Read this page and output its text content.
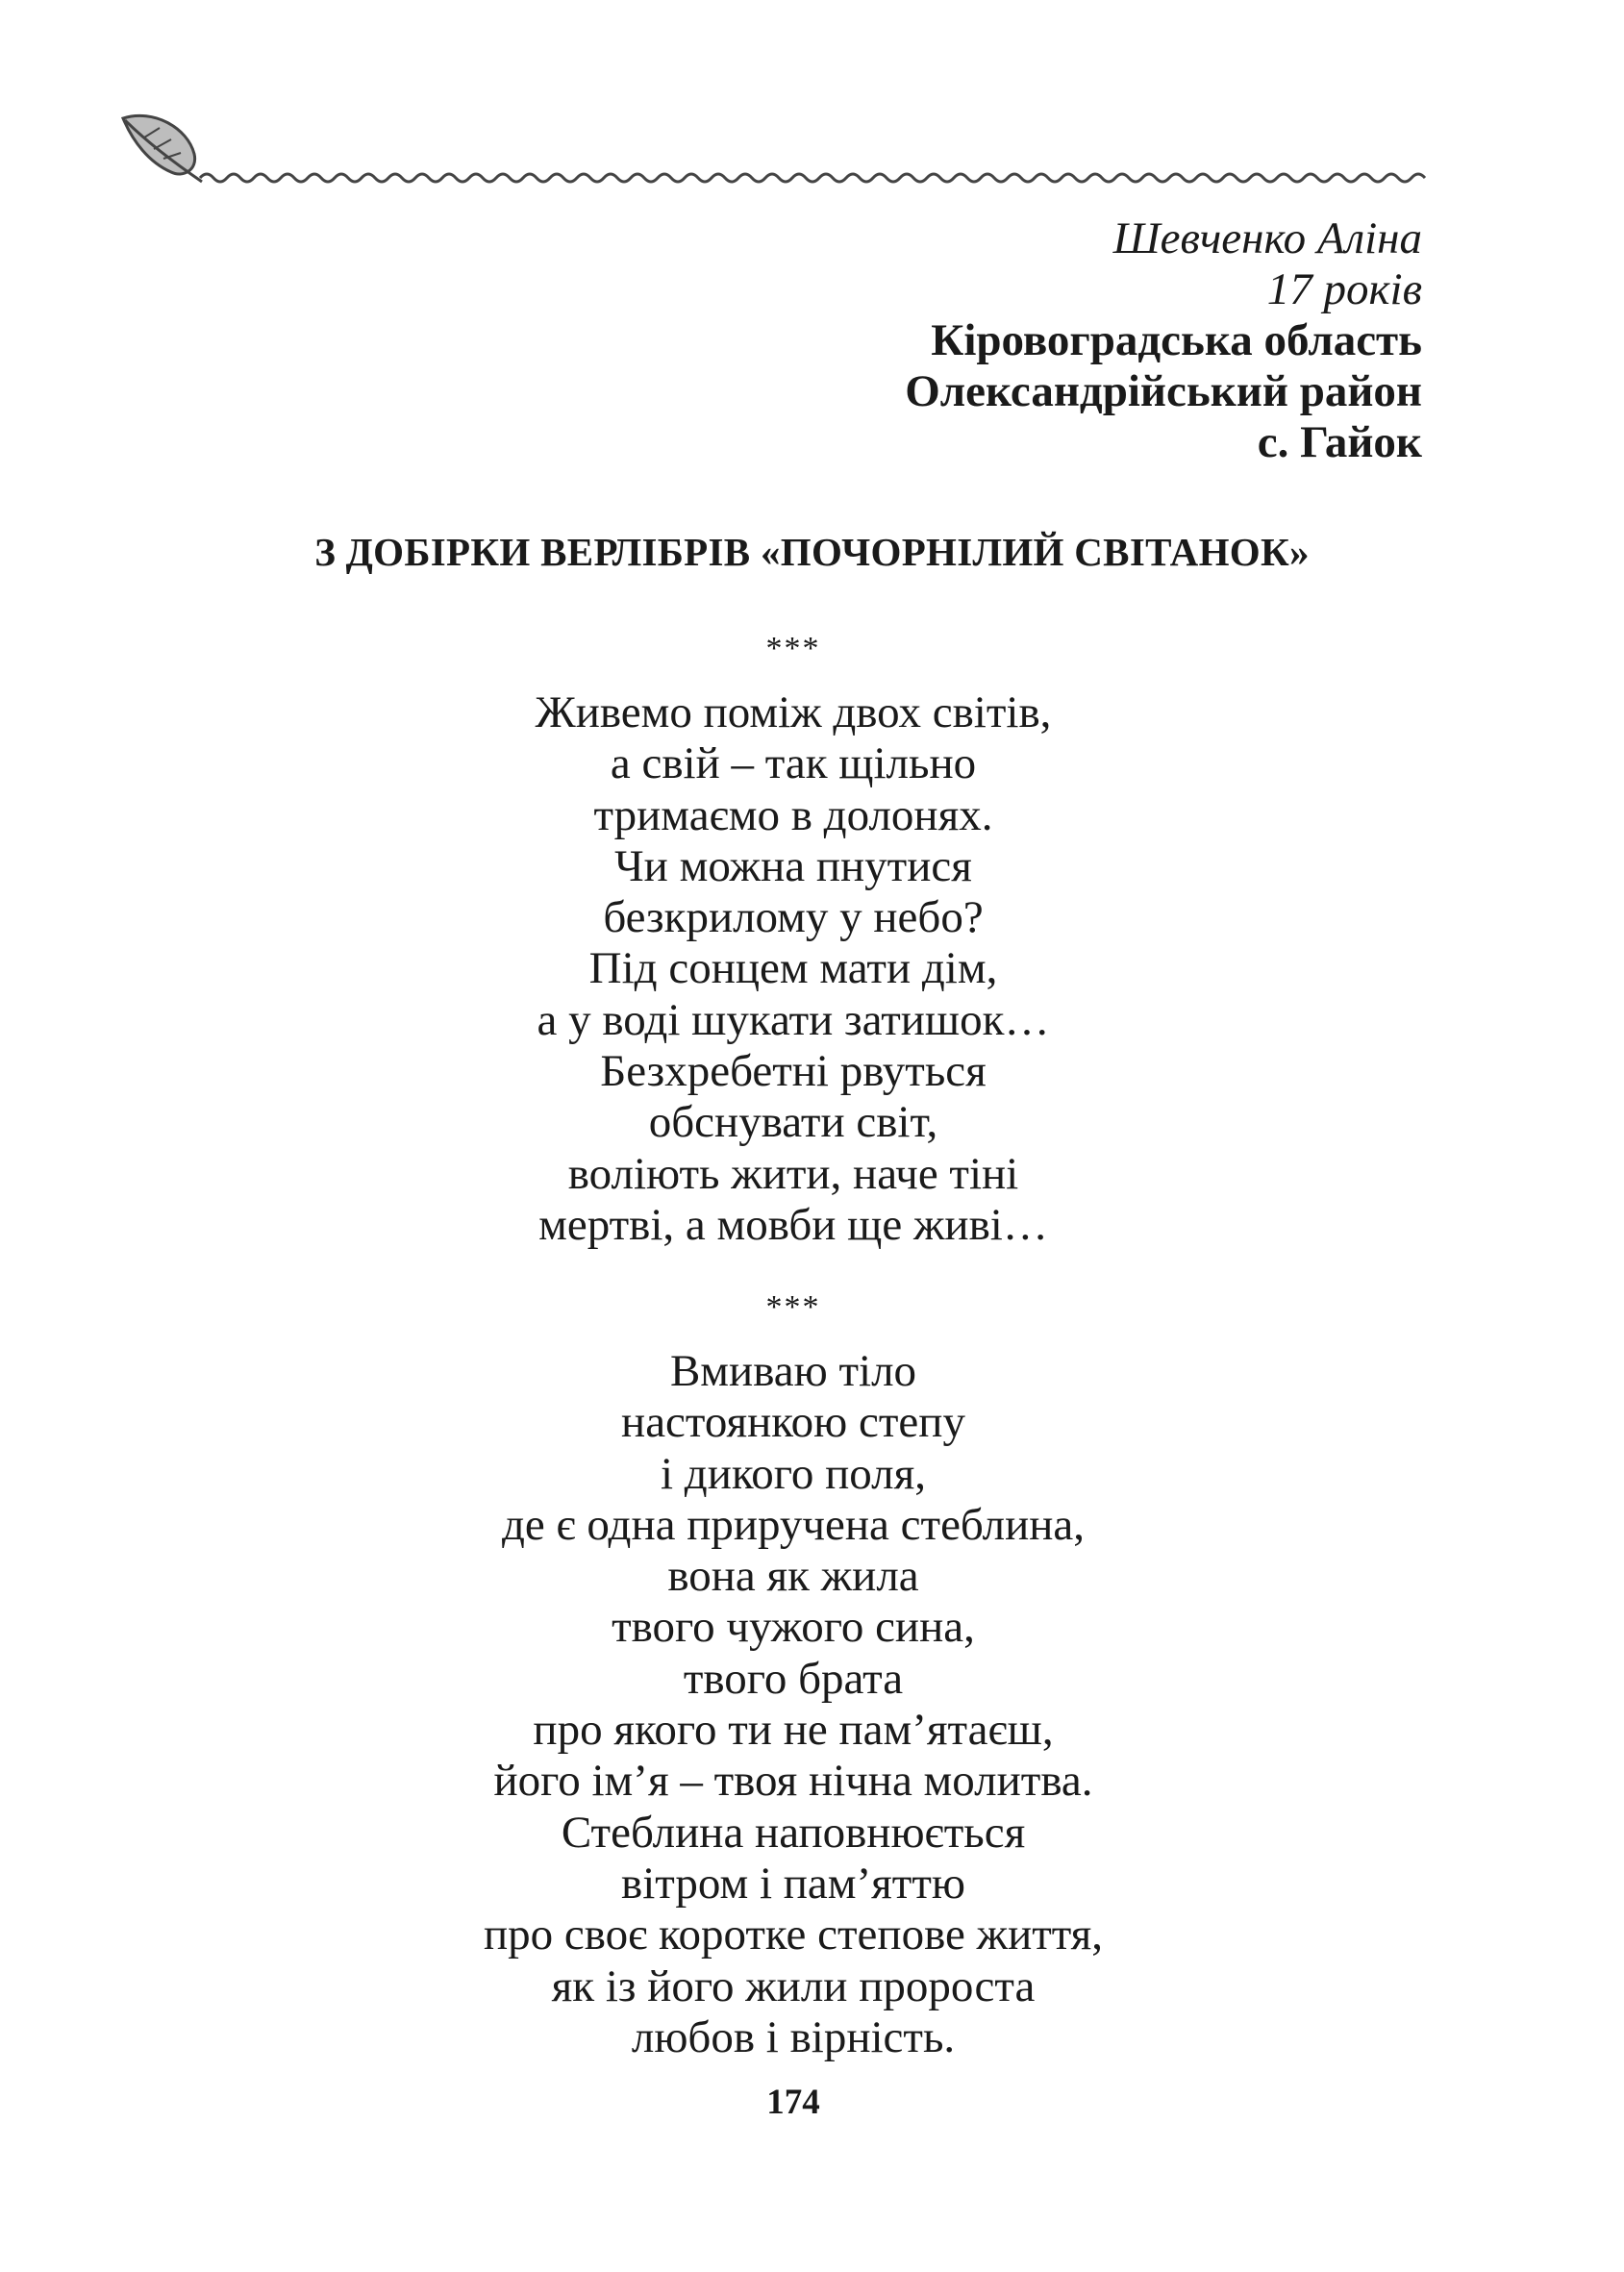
Шевченко Аліна
17 років
Кіровоградська область
Олександрійський район
с. Гайок
З ДОБІРКИ ВЕРЛІБРІВ «ПОЧОРНІЛИЙ СВІТАНОК»
***
Живемо поміж двох світів,
а свій – так щільно
тримаємо в долонях.
Чи можна пнутися
безкрилому у небо?
Під сонцем мати дім,
а у воді шукати затишок…
Безхребетні рвуться
обснувати світ,
воліють жити, наче тіні
мертві, а мовби ще живі…
***
Вмиваю тіло
настоянкою степу
і дикого поля,
де є одна приручена стеблина,
вона як жила
твого чужого сина,
твого брата
про якого ти не пам’ятаєш,
його ім’я – твоя нічна молитва.
Стеблина наповнюється
вітром і пам’яттю
про своє коротке степове життя,
як із його жили пророста
любов і вірність.
174
